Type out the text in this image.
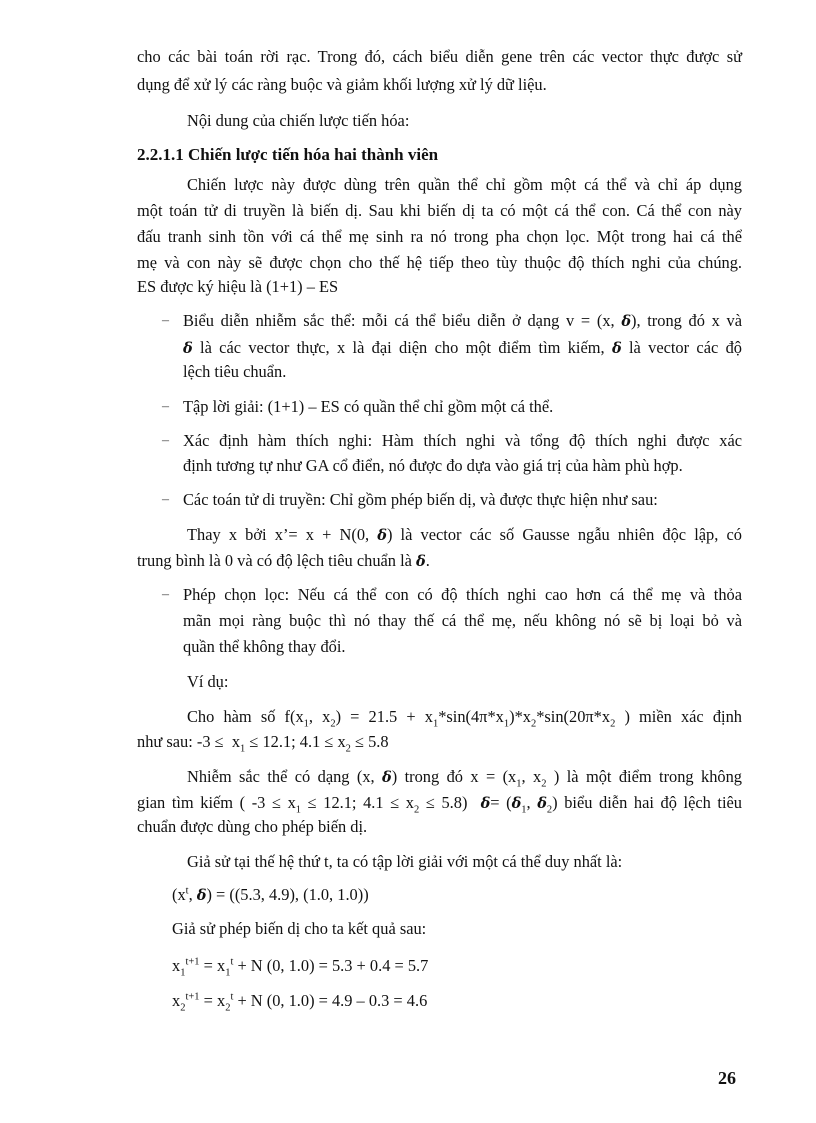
cho các bài toán rời rạc. Trong đó, cách biểu diễn gene trên các vector thực được sử
dụng để xử lý các ràng buộc và giảm khối lượng xử lý dữ liệu.
Nội dung của chiến lược tiến hóa:
2.2.1.1 Chiến lược tiến hóa hai thành viên
Chiến lược này được dùng trên quần thể chỉ gồm một cá thể và chỉ áp dụng
một toán tử di truyền là biến dị. Sau khi biến dị ta có một cá thể con. Cá thể con này
đấu tranh sinh tồn với cá thể mẹ sinh ra nó trong pha chọn lọc. Một trong hai cá thể
mẹ và con này sẽ được chọn cho thế hệ tiếp theo tùy thuộc độ thích nghi của chúng.
ES được ký hiệu là (1+1) – ES
– Biểu diễn nhiễm sắc thể: mỗi cá thể biểu diễn ở dạng v = (x, δ), trong đó x và
δ là các vector thực, x là đại diện cho một điểm tìm kiếm, δ là vector các độ
lệch tiêu chuẩn.
– Tập lời giải: (1+1) – ES có quần thể chỉ gồm một cá thể.
– Xác định hàm thích nghi: Hàm thích nghi và tổng độ thích nghi được xác
định tương tự như GA cổ điển, nó được đo dựa vào giá trị của hàm phù hợp.
– Các toán tử di truyền: Chỉ gồm phép biến dị, và được thực hiện như sau:
Thay x bởi x’= x + N(0, δ) là vector các số Gausse ngẫu nhiên độc lập, có
trung bình là 0 và có độ lệch tiêu chuẩn là δ.
– Phép chọn lọc: Nếu cá thể con có độ thích nghi cao hơn cá thể mẹ và thỏa
mãn mọi ràng buộc thì nó thay thế cá thể mẹ, nếu không nó sẽ bị loại bỏ và
quần thể không thay đổi.
Ví dụ:
Cho hàm số $f(x_1$, $x_2) = 21.5 + x_1*\sin(4\pi*x_1)*x_2*\sin(20\pi*x_2$ ) miền xác định
như sau: $-3 \le x_1 \le 12.1$; $4.1 \le x_2 \le 5.8$
Nhiễm sắc thể có dạng (x, δ) trong đó $x = (x_1$, $x_2$ ) là một điểm trong không
gian tìm kiếm ( $-3 \le x_1 \le 12.1$; $4.1 \le x_2 \le 5.8$) $\delta= (\delta_1$, $\delta_2$) biểu diễn hai độ lệch tiêu
chuẩn được dùng cho phép biến dị.
Giả sử tại thế hệ thứ t, ta có tập lời giải với một cá thể duy nhất là:
($x^t$, δ) = ((5.3, 4.9), (1.0, 1.0))
Giả sử phép biến dị cho ta kết quả sau:
$x_1^{t+1} = x_1^t + N$ (0, 1.0) = 5.3 + 0.4 = 5.7
$x_2^{t+1} = x_2^t + N$ (0, 1.0) = 4.9 – 0.3 = 4.6
26
